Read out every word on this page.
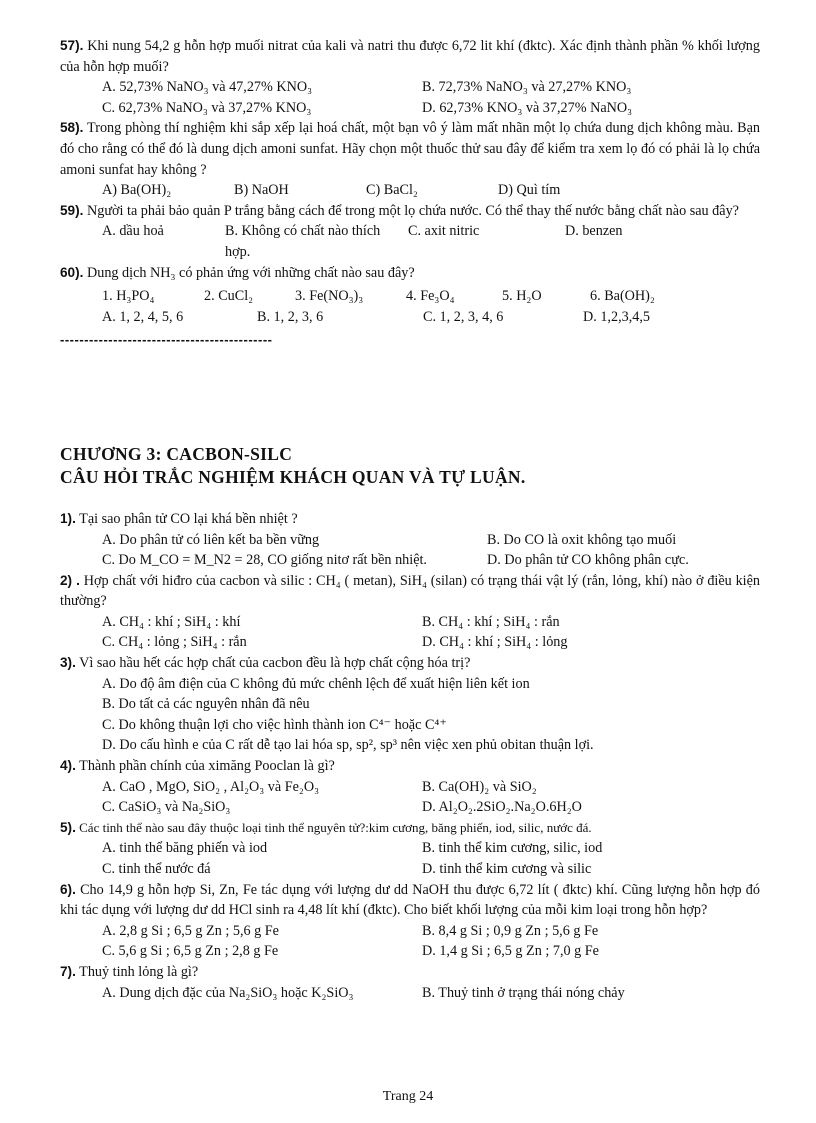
57). Khi nung 54,2 g hỗn hợp muối nitrat của kali và natri thu được 6,72 lit khí (đktc). Xác định thành phần % khối lượng của hỗn hợp muối?

A. 52,73% NaNO₃ và 47,27% KNO₃	B. 72,73% NaNO₃ và 27,27% KNO₃
C. 62,73% NaNO₃ và 37,27% KNO₃	D. 62,73% KNO₃ và 37,27% NaNO₃

58). Trong phòng thí nghiệm khi sắp xếp lại hoá chất, một bạn vô ý làm mất nhãn một lọ chứa dung dịch không màu. Bạn đó cho rằng có thể đó là dung dịch amoni sunfat. Hãy chọn một thuốc thử sau đây để kiểm tra xem lọ đó có phải là lọ chứa amoni sunfat hay không ?

A) Ba(OH)₂	B) NaOH	C) BaCl₂	D) Quì tím

59). Người ta phải bảo quản P trắng bằng cách để trong một lọ chứa nước. Có thể thay thế nước bằng chất nào sau đây?

A. dầu hoả	B. Không có chất nào thích hợp.
C. axit nitric	D. benzen

60). Dung dịch NH₃ có phản ứng với những chất nào sau đây?

1. H₃PO₄	2. CuCl₂	3. Fe(NO₃)₃	4. Fe₃O₄	5. H₂O	6. Ba(OH)₂
A. 1, 2, 4, 5, 6	B. 1, 2, 3, 6	C. 1, 2, 3, 4, 6	D. 1,2,3,4,5
--------------------------------------------
CHƯƠNG 3: CACBON-SILC
CÂU HỎI TRẮC NGHIỆM KHÁCH QUAN VÀ TỰ LUẬN.

1). Tại sao phân tử CO lại khá bền nhiệt ?

A. Do phân tử có liên kết ba bền vững	B. Do CO là oxit không tạo muối
C. Do M_CO = M_N2 = 28, CO giống nitơ rất bền nhiệt.	D. Do phân tử CO không phân cực.

2) . Hợp chất với hiđro của cacbon và silic : CH₄ ( metan), SiH₄ (silan) có trạng thái vật lý (rắn, lỏng, khí) nào ở điều kiện thường?

A. CH₄ : khí ; SiH₄ : khí	B. CH₄ : khí ; SiH₄ : rắn
C. CH₄ : lỏng ; SiH₄ : rắn	D. CH₄ : khí ; SiH₄ : lỏng

3). Vì sao hầu hết các hợp chất của cacbon đều là hợp chất cộng hóa trị?

A. Do độ âm điện của C không đủ mức chênh lệch để xuất hiện liên kết ion

B. Do tất cả các nguyên nhân đã nêu

C. Do không thuận lợi cho việc hình thành ion C⁴⁻ hoặc C⁴⁺

D. Do cấu hình e của C rất dễ tạo lai hóa sp, sp², sp³ nên việc xen phủ obitan thuận lợi.

4). Thành phần chính của ximăng Pooclan là gì?

A. CaO , MgO, SiO₂ , Al₂O₃ và Fe₂O₃	B. Ca(OH)₂ và SiO₂
C. CaSiO₃ và Na₂SiO₃	D. Al₂O₂.2SiO₂.Na₂O.6H₂O

5). Các tinh thể nào sau đây thuộc loại tinh thể nguyên tử?:kim cương, băng phiến, iod, silic, nước đá.

A. tinh thể băng phiến và iod	B. tinh thể kim cương, silic, iod
C. tinh thể nước đá	D. tinh thể kim cương và silic

6). Cho 14,9 g hỗn hợp Si, Zn, Fe tác dụng với lượng dư dd NaOH thu được 6,72 lít ( đktc) khí. Cũng lượng hỗn hợp đó khi tác dụng với lượng dư dd HCl sinh ra 4,48 lít khí (đktc). Cho biết khối lượng của mỗi kim loại trong hỗn hợp?

A. 2,8 g Si ; 6,5 g Zn ; 5,6 g Fe	B. 8,4 g Si ; 0,9 g Zn ; 5,6 g Fe
C. 5,6 g Si ; 6,5 g Zn ; 2,8 g Fe	D. 1,4 g Si ; 6,5 g Zn ; 7,0 g Fe

7). Thuỷ tinh lỏng là gì?

A. Dung dịch đặc của Na₂SiO₃ hoặc K₂SiO₃	B. Thuỷ tinh ở trạng thái nóng chảy
Trang 24
